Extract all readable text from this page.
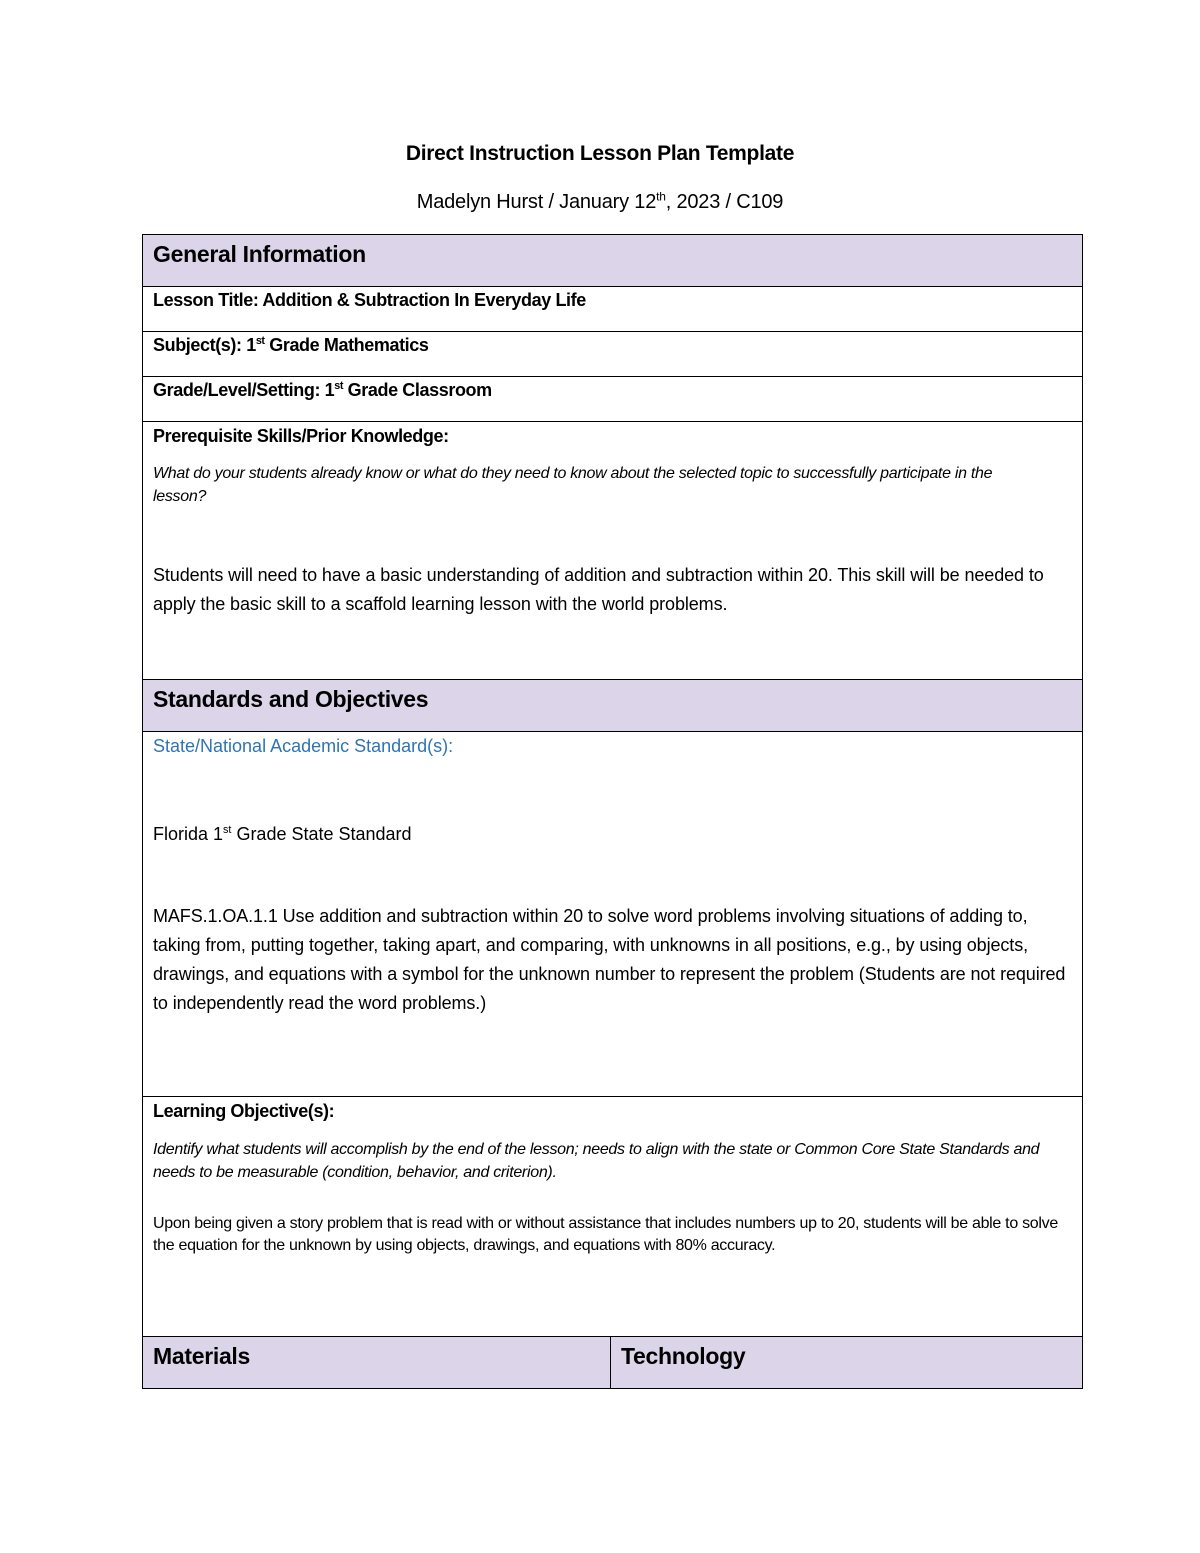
Direct Instruction Lesson Plan Template
Madelyn Hurst / January 12th, 2023 / C109
General Information
Lesson Title: Addition & Subtraction In Everyday Life
Subject(s): 1st Grade Mathematics
Grade/Level/Setting: 1st Grade Classroom

Prerequisite Skills/Prior Knowledge:
What do your students already know or what do they need to know about the selected topic to successfully participate in the lesson?
Students will need to have a basic understanding of addition and subtraction within 20. This skill will be needed to apply the basic skill to a scaffold learning lesson with the world problems.

Standards and Objectives

State/National Academic Standard(s):
Florida 1st Grade State Standard
MAFS.1.OA.1.1 Use addition and subtraction within 20 to solve word problems involving situations of adding to, taking from, putting together, taking apart, and comparing, with unknowns in all positions, e.g., by using objects, drawings, and equations with a symbol for the unknown number to represent the problem (Students are not required to independently read the word problems.)

Learning Objective(s):
Identify what students will accomplish by the end of the lesson; needs to align with the state or Common Core State Standards and needs to be measurable (condition, behavior, and criterion).
Upon being given a story problem that is read with or without assistance that includes numbers up to 20, students will be able to solve the equation for the unknown by using objects, drawings, and equations with 80% accuracy.

Materials	Technology
